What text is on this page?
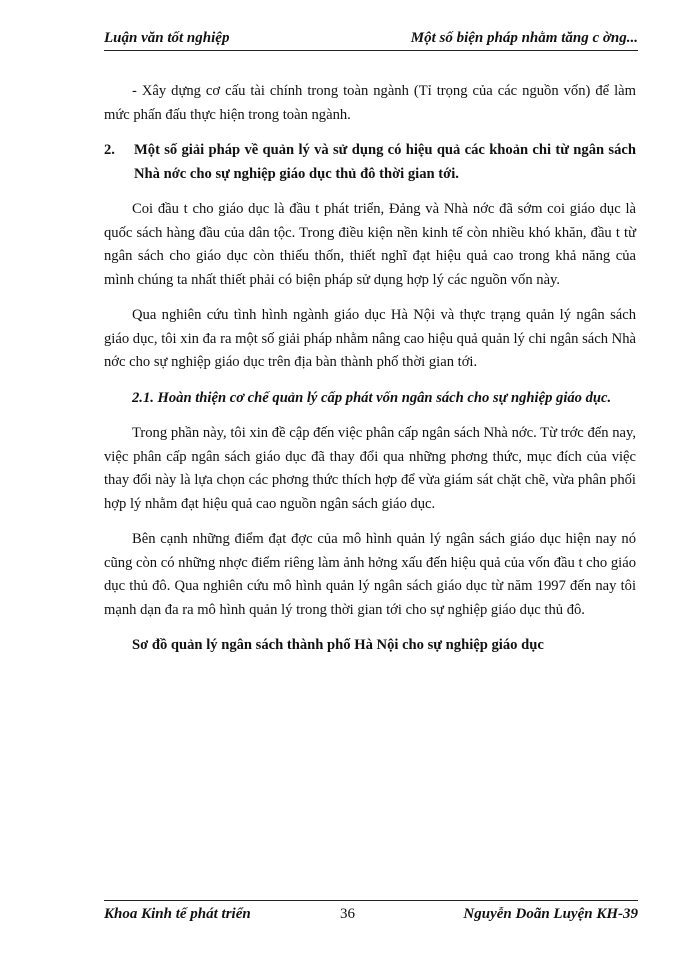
Luận văn tốt nghiệp	Một số biện pháp nhằm tăng c ờng...

- Xây dựng cơ cấu tài chính trong toàn ngành (Tỉ trọng của các nguồn vốn) để làm mức phấn đấu thực hiện trong toàn ngành.

2.	Một số giải pháp về quản lý và sử dụng có hiệu quả các khoản chi từ ngân sách Nhà nớc cho sự nghiệp giáo dục thủ đô thời gian tới.

Coi đầu t cho giáo dục là đầu t phát triển, Đảng và Nhà nớc đã sớm coi giáo dục là quốc sách hàng đầu của dân tộc. Trong điều kiện nền kinh tế còn nhiều khó khăn, đầu t từ ngân sách cho giáo dục còn thiếu thốn, thiết nghĩ đạt hiệu quả cao trong khả năng của mình chúng ta nhất thiết phải có biện pháp sử dụng hợp lý các nguồn vốn này.

Qua nghiên cứu tình hình ngành giáo dục Hà Nội và thực trạng quản lý ngân sách giáo dục, tôi xin đa ra một số giải pháp nhằm nâng cao hiệu quả quản lý chi ngân sách Nhà nớc cho sự nghiệp giáo dục trên địa bàn thành phố thời gian tới.

2.1. Hoàn thiện cơ chế quản lý cấp phát vốn ngân sách cho sự nghiệp giáo dục.

Trong phần này, tôi xin đề cập đến việc phân cấp ngân sách Nhà nớc. Từ trớc đến nay, việc phân cấp ngân sách giáo dục đã thay đổi qua những phơng thức, mục đích của việc thay đổi này là lựa chọn các phơng thức thích hợp để vừa giám sát chặt chẽ, vừa phân phối hợp lý nhằm đạt hiệu quả cao nguồn ngân sách giáo dục.

Bên cạnh những điểm đạt đợc của mô hình quản lý ngân sách giáo dục hiện nay nó cũng còn có những nhợc điểm riêng làm ảnh hởng xấu đến hiệu quả của vốn đầu t cho giáo dục thủ đô. Qua nghiên cứu mô hình quản lý ngân sách giáo dục từ năm 1997 đến nay tôi mạnh dạn đa ra mô hình quản lý trong thời gian tới cho sự nghiệp giáo dục thủ đô.

Sơ đồ quản lý ngân sách thành phố Hà Nội cho sự nghiệp giáo dục

Khoa Kinh tế phát triển	36	Nguyễn Doãn Luyện KH-39
